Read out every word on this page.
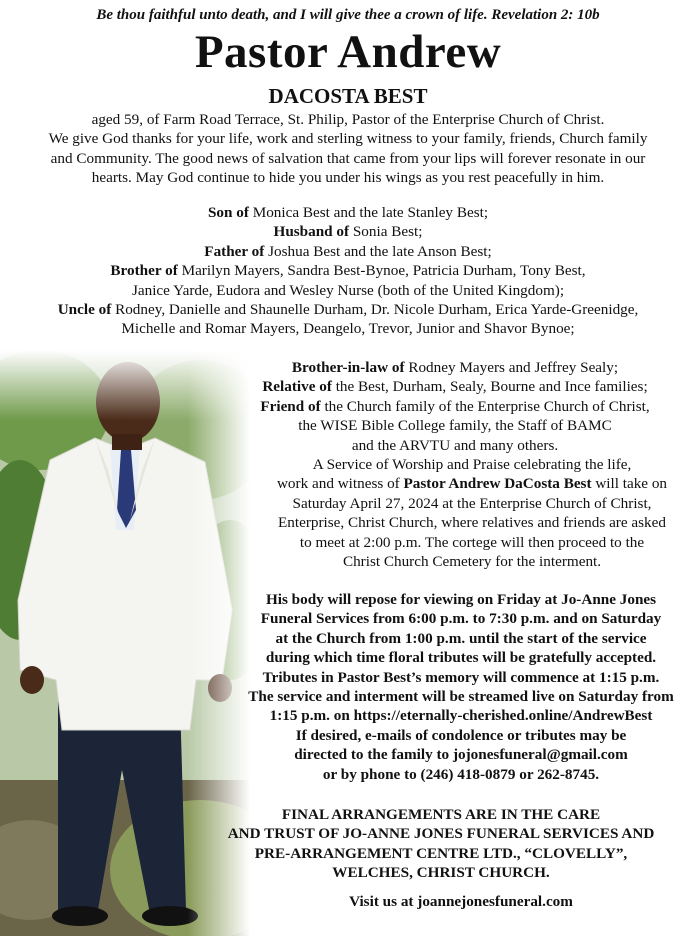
Be thou faithful unto death, and I will give thee a crown of life. Revelation 2: 10b
Pastor Andrew
DACOSTA BEST
aged 59, of Farm Road Terrace, St. Philip, Pastor of the Enterprise Church of Christ.
We give God thanks for your life, work and sterling witness to your family, friends, Church family
and Community. The good news of salvation that came from your lips will forever resonate in our
hearts. May God continue to hide you under his wings as you rest peacefully in him.
Son of Monica Best and the late Stanley Best;
Husband of Sonia Best;
Father of Joshua Best and the late Anson Best;
Brother of Marilyn Mayers, Sandra Best-Bynoe, Patricia Durham, Tony Best,
Janice Yarde, Eudora and Wesley Nurse (both of the United Kingdom);
Uncle of Rodney, Danielle and Shaunelle Durham, Dr. Nicole Durham, Erica Yarde-Greenidge,
Michelle and Romar Mayers, Deangelo, Trevor, Junior and Shavor Bynoe;
Brother-in-law of Rodney Mayers and Jeffrey Sealy;
Relative of the Best, Durham, Sealy, Bourne and Ince families;
Friend of the Church family of the Enterprise Church of Christ,
the WISE Bible College family, the Staff of BAMC
and the ARVTU and many others.
A Service of Worship and Praise celebrating the life,
work and witness of Pastor Andrew DaCosta Best will take on
Saturday April 27, 2024 at the Enterprise Church of Christ,
Enterprise, Christ Church, where relatives and friends are asked
to meet at 2:00 p.m. The cortege will then proceed to the
Christ Church Cemetery for the interment.
His body will repose for viewing on Friday at Jo-Anne Jones
Funeral Services from 6:00 p.m. to 7:30 p.m. and on Saturday
at the Church from 1:00 p.m. until the start of the service
during which time floral tributes will be gratefully accepted.
Tributes in Pastor Best’s memory will commence at 1:15 p.m.
The service and interment will be streamed live on Saturday from
1:15 p.m. on https://eternally-cherished.online/AndrewBest
If desired, e-mails of condolence or tributes may be
directed to the family to jojonesfuneral@gmail.com
or by phone to (246) 418-0879 or 262-8745.
FINAL ARRANGEMENTS ARE IN THE CARE
AND TRUST OF JO-ANNE JONES FUNERAL SERVICES AND
PRE-ARRANGEMENT CENTRE LTD., “CLOVELLY”,
WELCHES, CHRIST CHURCH.
Visit us at joannejonesfuneral.com
